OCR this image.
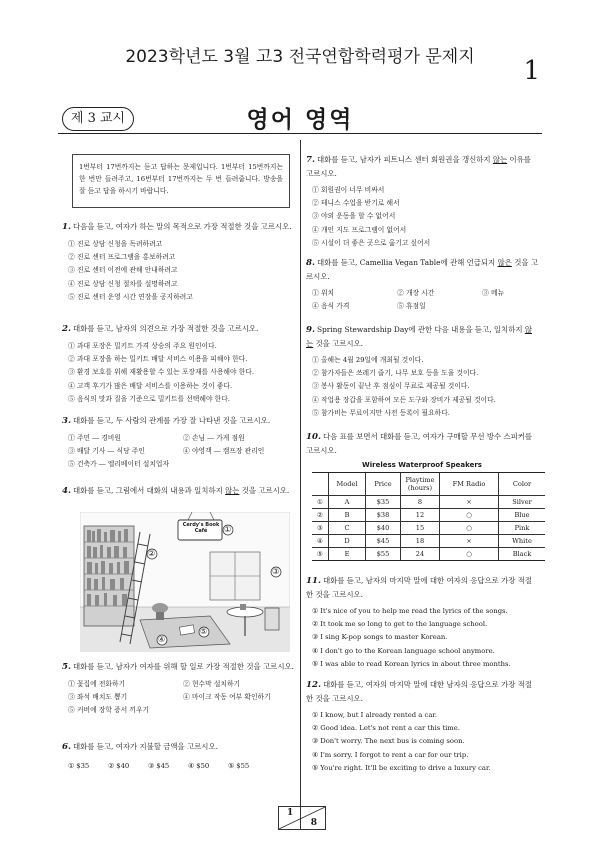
2023학년도 3월 고3 전국연합학력평가 문제지	1
제 3 교시	영어 영역
1번부터 17번까지는 듣고 답하는 문제입니다. 1번부터 15번까지는 한 번만 들려주고, 16번부터 17번까지는 두 번 들려줍니다. 방송을 잘 듣고 답을 하시기 바랍니다.
1. 다음을 듣고, 여자가 하는 말의 목적으로 가장 적절한 것을 고르시오.
① 진로 상담 신청을 독려하려고
② 진로 센터 프로그램을 홍보하려고
③ 진로 센터 이전에 관해 안내하려고
④ 진로 상담 신청 절차를 설명하려고
⑤ 진로 센터 운영 시간 연장을 공지하려고
2. 대화를 듣고, 남자의 의견으로 가장 적절한 것을 고르시오.
① 과대 포장은 밀키트 가격 상승의 주요 원인이다.
② 과대 포장을 하는 밀키트 배달 서비스 이용을 피해야 한다.
③ 환경 보호를 위해 재활용할 수 있는 포장재를 사용해야 한다.
④ 고객 후기가 많은 배달 서비스를 이용하는 것이 좋다.
⑤ 음식의 맛과 질을 기준으로 밀키트를 선택해야 한다.
3. 대화를 듣고, 두 사람의 관계를 가장 잘 나타낸 것을 고르시오.
① 주민 ― 경비원	② 손님 ― 가게 점원
③ 배달 기사 ― 식당 주인	④ 야영객 ― 캠프장 관리인
⑤ 건축가 ― 엘리베이터 설치업자
4. 대화를 듣고, 그림에서 대화의 내용과 일치하지 않는 것을 고르시오.
Cerdy's Book Café	①
②
③
④
⑤
5. 대화를 듣고, 남자가 여자를 위해 할 일로 가장 적절한 것을 고르시오.
① 꽃집에 전화하기	② 현수막 설치하기
③ 좌석 배치도 뽑기	④ 마이크 작동 여부 확인하기
⑤ 커버에 장학 증서 끼우기
6. 대화를 듣고, 여자가 지불할 금액을 고르시오.
① $35	② $40	③ $45	④ $50	⑤ $55
7. 대화를 듣고, 남자가 피트니스 센터 회원권을 갱신하지 않는 이유를 고르시오.
① 회원권이 너무 비싸서
② 테니스 수업을 받기로 해서
③ 야외 운동을 할 수 없어서
④ 개인 지도 프로그램이 없어서
⑤ 시설이 더 좋은 곳으로 옮기고 싶어서
8. 대화를 듣고, Camellia Vegan Table에 관해 언급되지 않은 것을 고르시오.
① 위치	② 개장 시간	③ 메뉴
④ 음식 가격	⑤ 휴점일
9. Spring Stewardship Day에 관한 다음 내용을 듣고, 일치하지 않는 것을 고르시오.
① 올해는 4월 29일에 개최될 것이다.
② 참가자들은 쓰레기 줍기, 나무 보호 등을 도울 것이다.
③ 봉사 활동이 끝난 후 점심이 무료로 제공될 것이다.
④ 작업용 장갑을 포함하여 모든 도구와 장비가 제공될 것이다.
⑤ 참가비는 무료이지만 사전 등록이 필요하다.
10. 다음 표를 보면서 대화를 듣고, 여자가 구매할 무선 방수 스피커를 고르시오.
Wireless Waterproof Speakers
	Model	Price	Playtime (hours)	FM Radio	Color
①	A	$35	8	×	Silver
②	B	$38	12	○	Blue
③	C	$40	15	○	Pink
④	D	$45	18	×	White
⑤	E	$55	24	○	Black
11. 대화를 듣고, 남자의 마지막 말에 대한 여자의 응답으로 가장 적절한 것을 고르시오.
① It's nice of you to help me read the lyrics of the songs.
② It took me so long to get to the language school.
③ I sing K-pop songs to master Korean.
④ I don't go to the Korean language school anymore.
⑤ I was able to read Korean lyrics in about three months.
12. 대화를 듣고, 여자의 마지막 말에 대한 남자의 응답으로 가장 적절한 것을 고르시오.
① I know, but I already rented a car.
② Good idea. Let's not rent a car this time.
③ Don't worry. The next bus is coming soon.
④ I'm sorry. I forgot to rent a car for our trip.
⑤ You're right. It'll be exciting to drive a luxury car.
1
8
